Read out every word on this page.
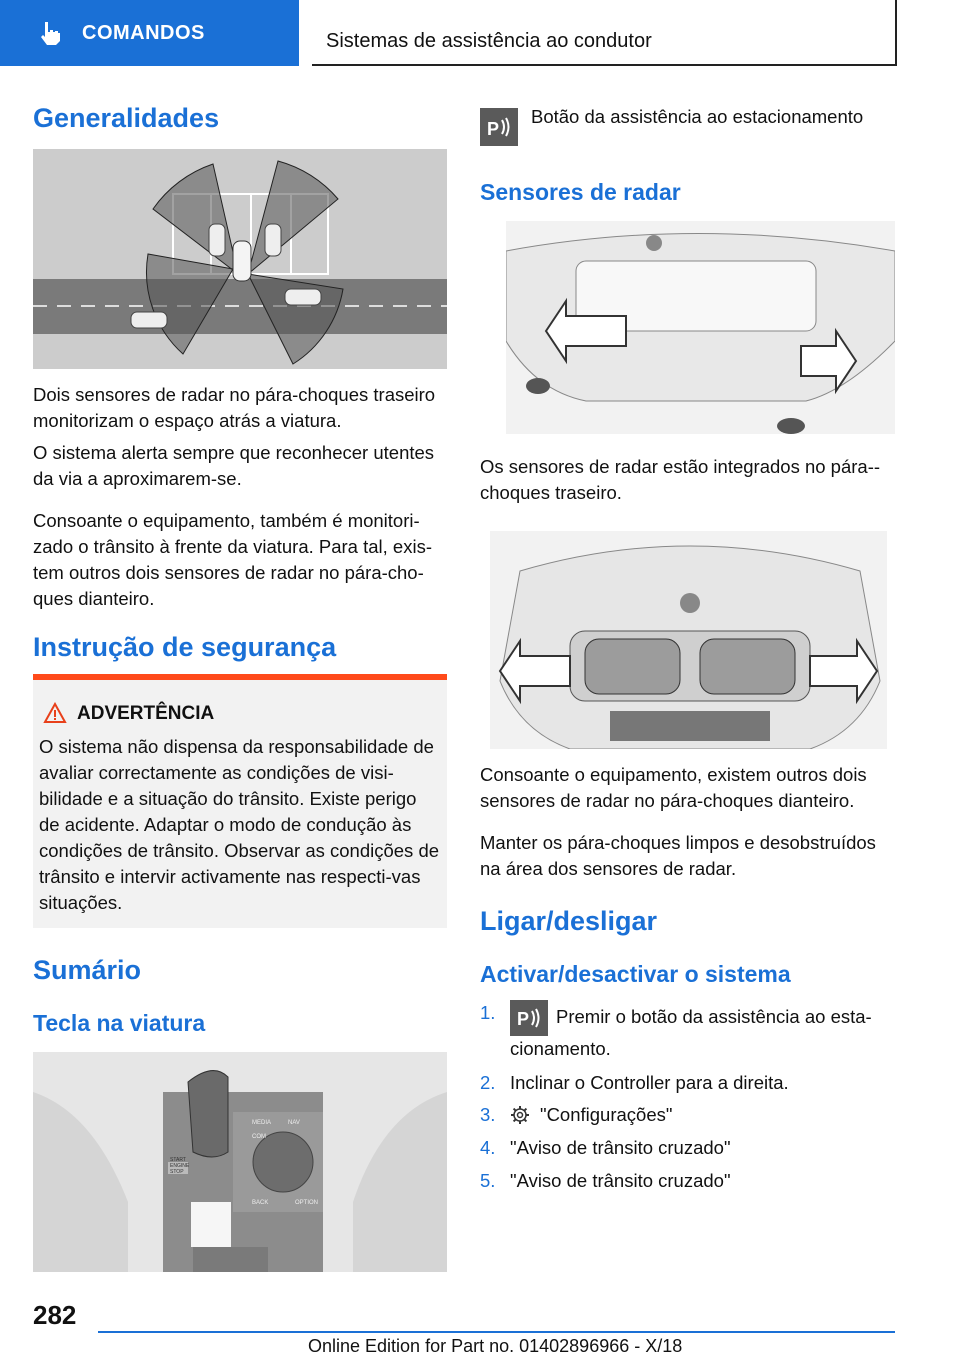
COMANDOS	Sistemas de assistência ao condutor
Generalidades

Dois sensores de radar no pára-choques traseiro monitorizam o espaço atrás a viatura.

O sistema alerta sempre que reconhecer utentes da via a aproximarem-se.

Consoante o equipamento, também é monitori-zado o trânsito à frente da viatura. Para tal, exis-tem outros dois sensores de radar no pára-cho-ques dianteiro.

Instrução de segurança
ADVERTÊNCIA

O sistema não dispensa da responsabilidade de avaliar correctamente as condições de visi-bilidade e a situação do trânsito. Existe perigo de acidente. Adaptar o modo de condução às condições de trânsito. Observar as condições de trânsito e intervir activamente nas respecti-vas situações.

Sumário
Tecla na viatura
MEDIA	NAV
COM
BACK	OPTION
START
ENGINE
STOP
P

Botão da assistência ao estacionamento

Sensores de radar

Os sensores de radar estão integrados no pára--choques traseiro.

Consoante o equipamento, existem outros dois sensores de radar no pára-choques dianteiro.

Manter os pára-choques limpos e desobstruídos na área dos sensores de radar.

Ligar/desligar
Activar/desactivar o sistema
1. P Premir o botão da assistência ao esta-cionamento.
2. Inclinar o Controller para a direita.
3. "Configurações"
4. "Aviso de trânsito cruzado"
5. "Aviso de trânsito cruzado"
282
Online Edition for Part no. 01402896966 - X/18
